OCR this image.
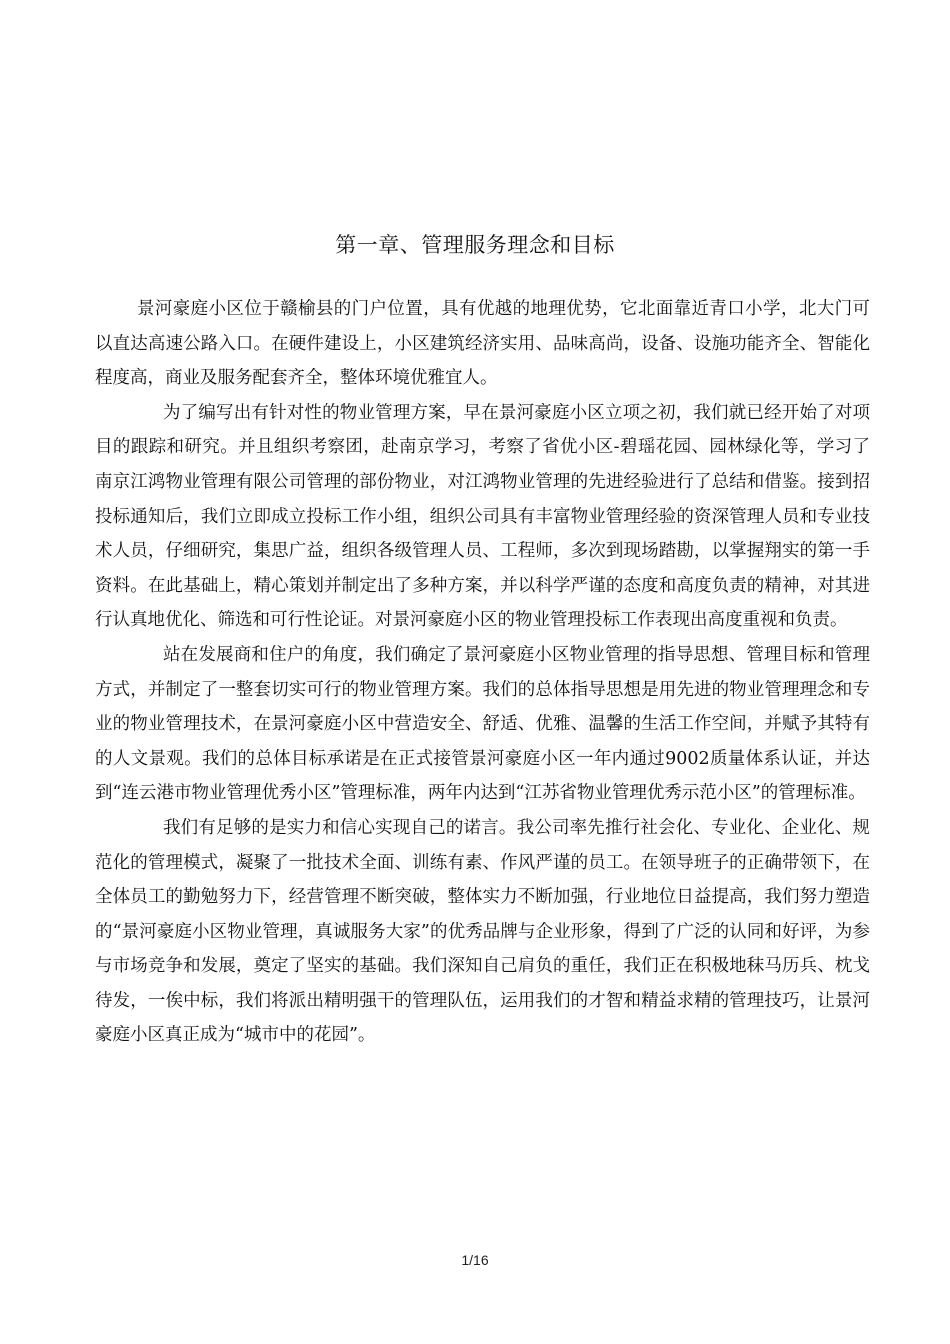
第一章、管理服务理念和目标

景河豪庭小区位于赣榆县的门户位置，具有优越的地理优势，它北面靠近青口小学，北大门可以直达高速公路入口。在硬件建设上，小区建筑经济实用、品味高尚，设备、设施功能齐全、智能化程度高，商业及服务配套齐全，整体环境优雅宜人。

为了编写出有针对性的物业管理方案，早在景河豪庭小区立项之初，我们就已经开始了对项目的跟踪和研究。并且组织考察团，赴南京学习，考察了省优小区-碧瑶花园、园林绿化等，学习了南京江鸿物业管理有限公司管理的部份物业，对江鸿物业管理的先进经验进行了总结和借鉴。接到招投标通知后，我们立即成立投标工作小组，组织公司具有丰富物业管理经验的资深管理人员和专业技术人员，仔细研究，集思广益，组织各级管理人员、工程师，多次到现场踏勘，以掌握翔实的第一手资料。在此基础上，精心策划并制定出了多种方案，并以科学严谨的态度和高度负责的精神，对其进行认真地优化、筛选和可行性论证。对景河豪庭小区的物业管理投标工作表现出高度重视和负责。

站在发展商和住户的角度，我们确定了景河豪庭小区物业管理的指导思想、管理目标和管理方式，并制定了一整套切实可行的物业管理方案。我们的总体指导思想是用先进的物业管理理念和专业的物业管理技术，在景河豪庭小区中营造安全、舒适、优雅、温馨的生活工作空间，并赋予其特有的人文景观。我们的总体目标承诺是在正式接管景河豪庭小区一年内通过9002质量体系认证，并达到“连云港市物业管理优秀小区”管理标准，两年内达到“江苏省物业管理优秀示范小区”的管理标准。

我们有足够的是实力和信心实现自己的诺言。我公司率先推行社会化、专业化、企业化、规范化的管理模式，凝聚了一批技术全面、训练有素、作风严谨的员工。在领导班子的正确带领下，在全体员工的勤勉努力下，经营管理不断突破，整体实力不断加强，行业地位日益提高，我们努力塑造的“景河豪庭小区物业管理，真诚服务大家”的优秀品牌与企业形象，得到了广泛的认同和好评，为参与市场竞争和发展，奠定了坚实的基础。我们深知自己肩负的重任，我们正在积极地秣马历兵、枕戈待发，一俟中标，我们将派出精明强干的管理队伍，运用我们的才智和精益求精的管理技巧，让景河豪庭小区真正成为“城市中的花园”。

1/16
